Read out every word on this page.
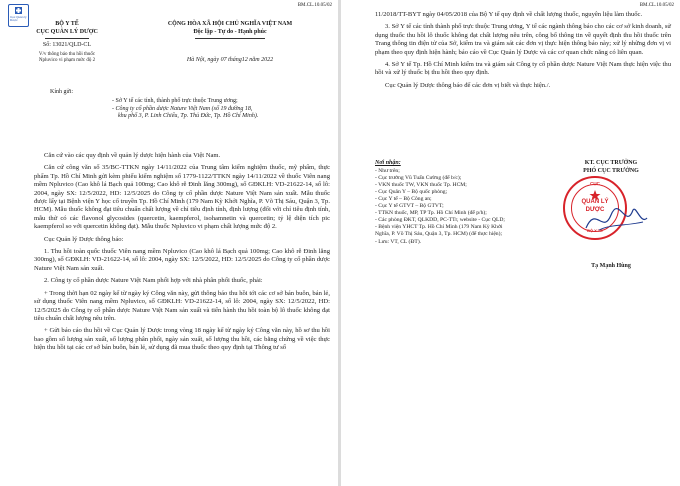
BM.CL.10.05/02
Cục Quản lý Dược
BỘ Y TẾ
CỤC QUẢN LÝ DƯỢC
Số: 13021/QLD-CL
V/v thông báo thu hồi thuốc
Npluvico vi phạm mức độ 2
CỘNG HÒA XÃ HỘI CHỦ NGHĨA VIỆT NAM
Độc lập - Tự do - Hạnh phúc
Hà Nội, ngày 07 tháng12 năm 2022
Kính gửi:
- Sở Y tế các tỉnh, thành phố trực thuộc Trung ương;
- Công ty cổ phần dược Nature Việt Nam (số 19 đường 18,
khu phố 3, P. Linh Chiểu, Tp. Thủ Đức, Tp. Hồ Chí Minh).

Căn cứ vào các quy định về quản lý dược hiện hành của Việt Nam.

Căn cứ công văn số 35/BC-TTKN ngày 14/11/2022 của Trung tâm kiểm nghiệm thuốc, mỹ phẩm, thực phẩm Tp. Hồ Chí Minh gửi kèm phiếu kiểm nghiệm số 1779-1122/TTKN ngày 14/11/2022 về thuốc Viên nang mềm Npluvico (Cao khô lá Bạch quả 100mg; Cao khô rễ Đinh lăng 300mg), số GĐKLH: VD-21622-14, số lô: 2004, ngày SX: 12/5/2022, HD: 12/5/2025 do Công ty cổ phần dược Nature Việt Nam sản xuất. Mẫu thuốc được lấy tại Bệnh viện Y học cổ truyền Tp. Hồ Chí Minh (179 Nam Kỳ Khởi Nghĩa, P. Võ Thị Sáu, Quận 3, Tp. HCM). Mẫu thuốc không đạt tiêu chuẩn chất lượng về chỉ tiêu định tính, định lượng (đối với chỉ tiêu định tính, mẫu thử có các flavonol glycosides (quercetin, kaempferol, isohamnetin và quercetin; tỷ lệ diện tích pic kaempferol so với quercetin không đạt). Mẫu thuốc Npluvico vi phạm chất lượng mức độ 2.

Cục Quản lý Dược thông báo:

1. Thu hồi toàn quốc thuốc Viên nang mềm Npluvico (Cao khô lá Bạch quả 100mg; Cao khô rễ Đinh lăng 300mg), số GĐKLH: VD-21622-14, số lô: 2004, ngày SX: 12/5/2022, HD: 12/5/2025 do Công ty cổ phần dược Nature Việt Nam sản xuất.

2. Công ty cổ phần dược Nature Việt Nam phối hợp với nhà phân phối thuốc, phải:

+ Trong thời hạn 02 ngày kể từ ngày ký Công văn này, gửi thông báo thu hồi tới các cơ sở bán buôn, bán lẻ, sử dụng thuốc Viên nang mềm Npluvico, số GĐKLH: VD-21622-14, số lô: 2004, ngày SX: 12/5/2022, HD: 12/5/2025 do Công ty cổ phần dược Nature Việt Nam sản xuất và tiến hành thu hồi toàn bộ lô thuốc không đạt tiêu chuẩn chất lượng nêu trên.

+ Gửi báo cáo thu hồi về Cục Quản lý Dược trong vòng 18 ngày kể từ ngày ký Công văn này, hồ sơ thu hồi bao gồm số lượng sản xuất, số lượng phân phối, ngày sản xuất, số lượng thu hồi, các bằng chứng về việc thực hiện thu hồi tại các cơ sở bán buôn, bán lẻ, sử dụng đã mua thuốc theo quy định tại Thông tư số

BM.CL.10.05/02

11/2018/TT-BYT ngày 04/05/2018 của Bộ Y tế quy định về chất lượng thuốc, nguyên liệu làm thuốc.

3. Sở Y tế các tỉnh thành phố trực thuộc Trung ương, Y tế các ngành thông báo cho các cơ sở kinh doanh, sử dụng thuốc thu hồi lô thuốc không đạt chất lượng nêu trên, công bố thông tin về quyết định thu hồi thuốc trên Trang thông tin điện tử của Sở, kiểm tra và giám sát các đơn vị thực hiện thông báo này; xử lý những đơn vị vi phạm theo quy định hiện hành; báo cáo về Cục Quản lý Dược và các cơ quan chức năng có liên quan.

4. Sở Y tế Tp. Hồ Chí Minh kiểm tra và giám sát Công ty cổ phần dược Nature Việt Nam thực hiện việc thu hồi và xử lý thuốc bị thu hồi theo quy định.

Cục Quản lý Dược thông báo để các đơn vị biết và thực hiện./.

Nơi nhận:
- Như trên;
- Cục trưởng Vũ Tuấn Cường (để b/c);
- VKN thuốc TW, VKN thuốc Tp. HCM;
- Cục Quân Y – Bộ quốc phòng;
- Cục Y tế – Bộ Công an;
- Cục Y tế GTVT – Bộ GTVT;
- TTKN thuốc, MP, TP Tp. Hồ Chí Minh (để p/h);
- Các phòng ĐKT, QLKDD, PC-TTr, website - Cục QLD;
- Bệnh viện YHCT Tp. Hồ Chí Minh (179 Nam Kỳ Khởi
Nghĩa, P. Võ Thị Sáu, Quận 3, Tp. HCM) (để thực hiện);
- Lưu: VT, CL (ĐT).
KT. CỤC TRƯỞNG
PHÓ CỤC TRƯỞNG
CỤC
QUẢN LÝ
DƯỢC
BỘ Y TẾ
Tạ Mạnh Hùng
